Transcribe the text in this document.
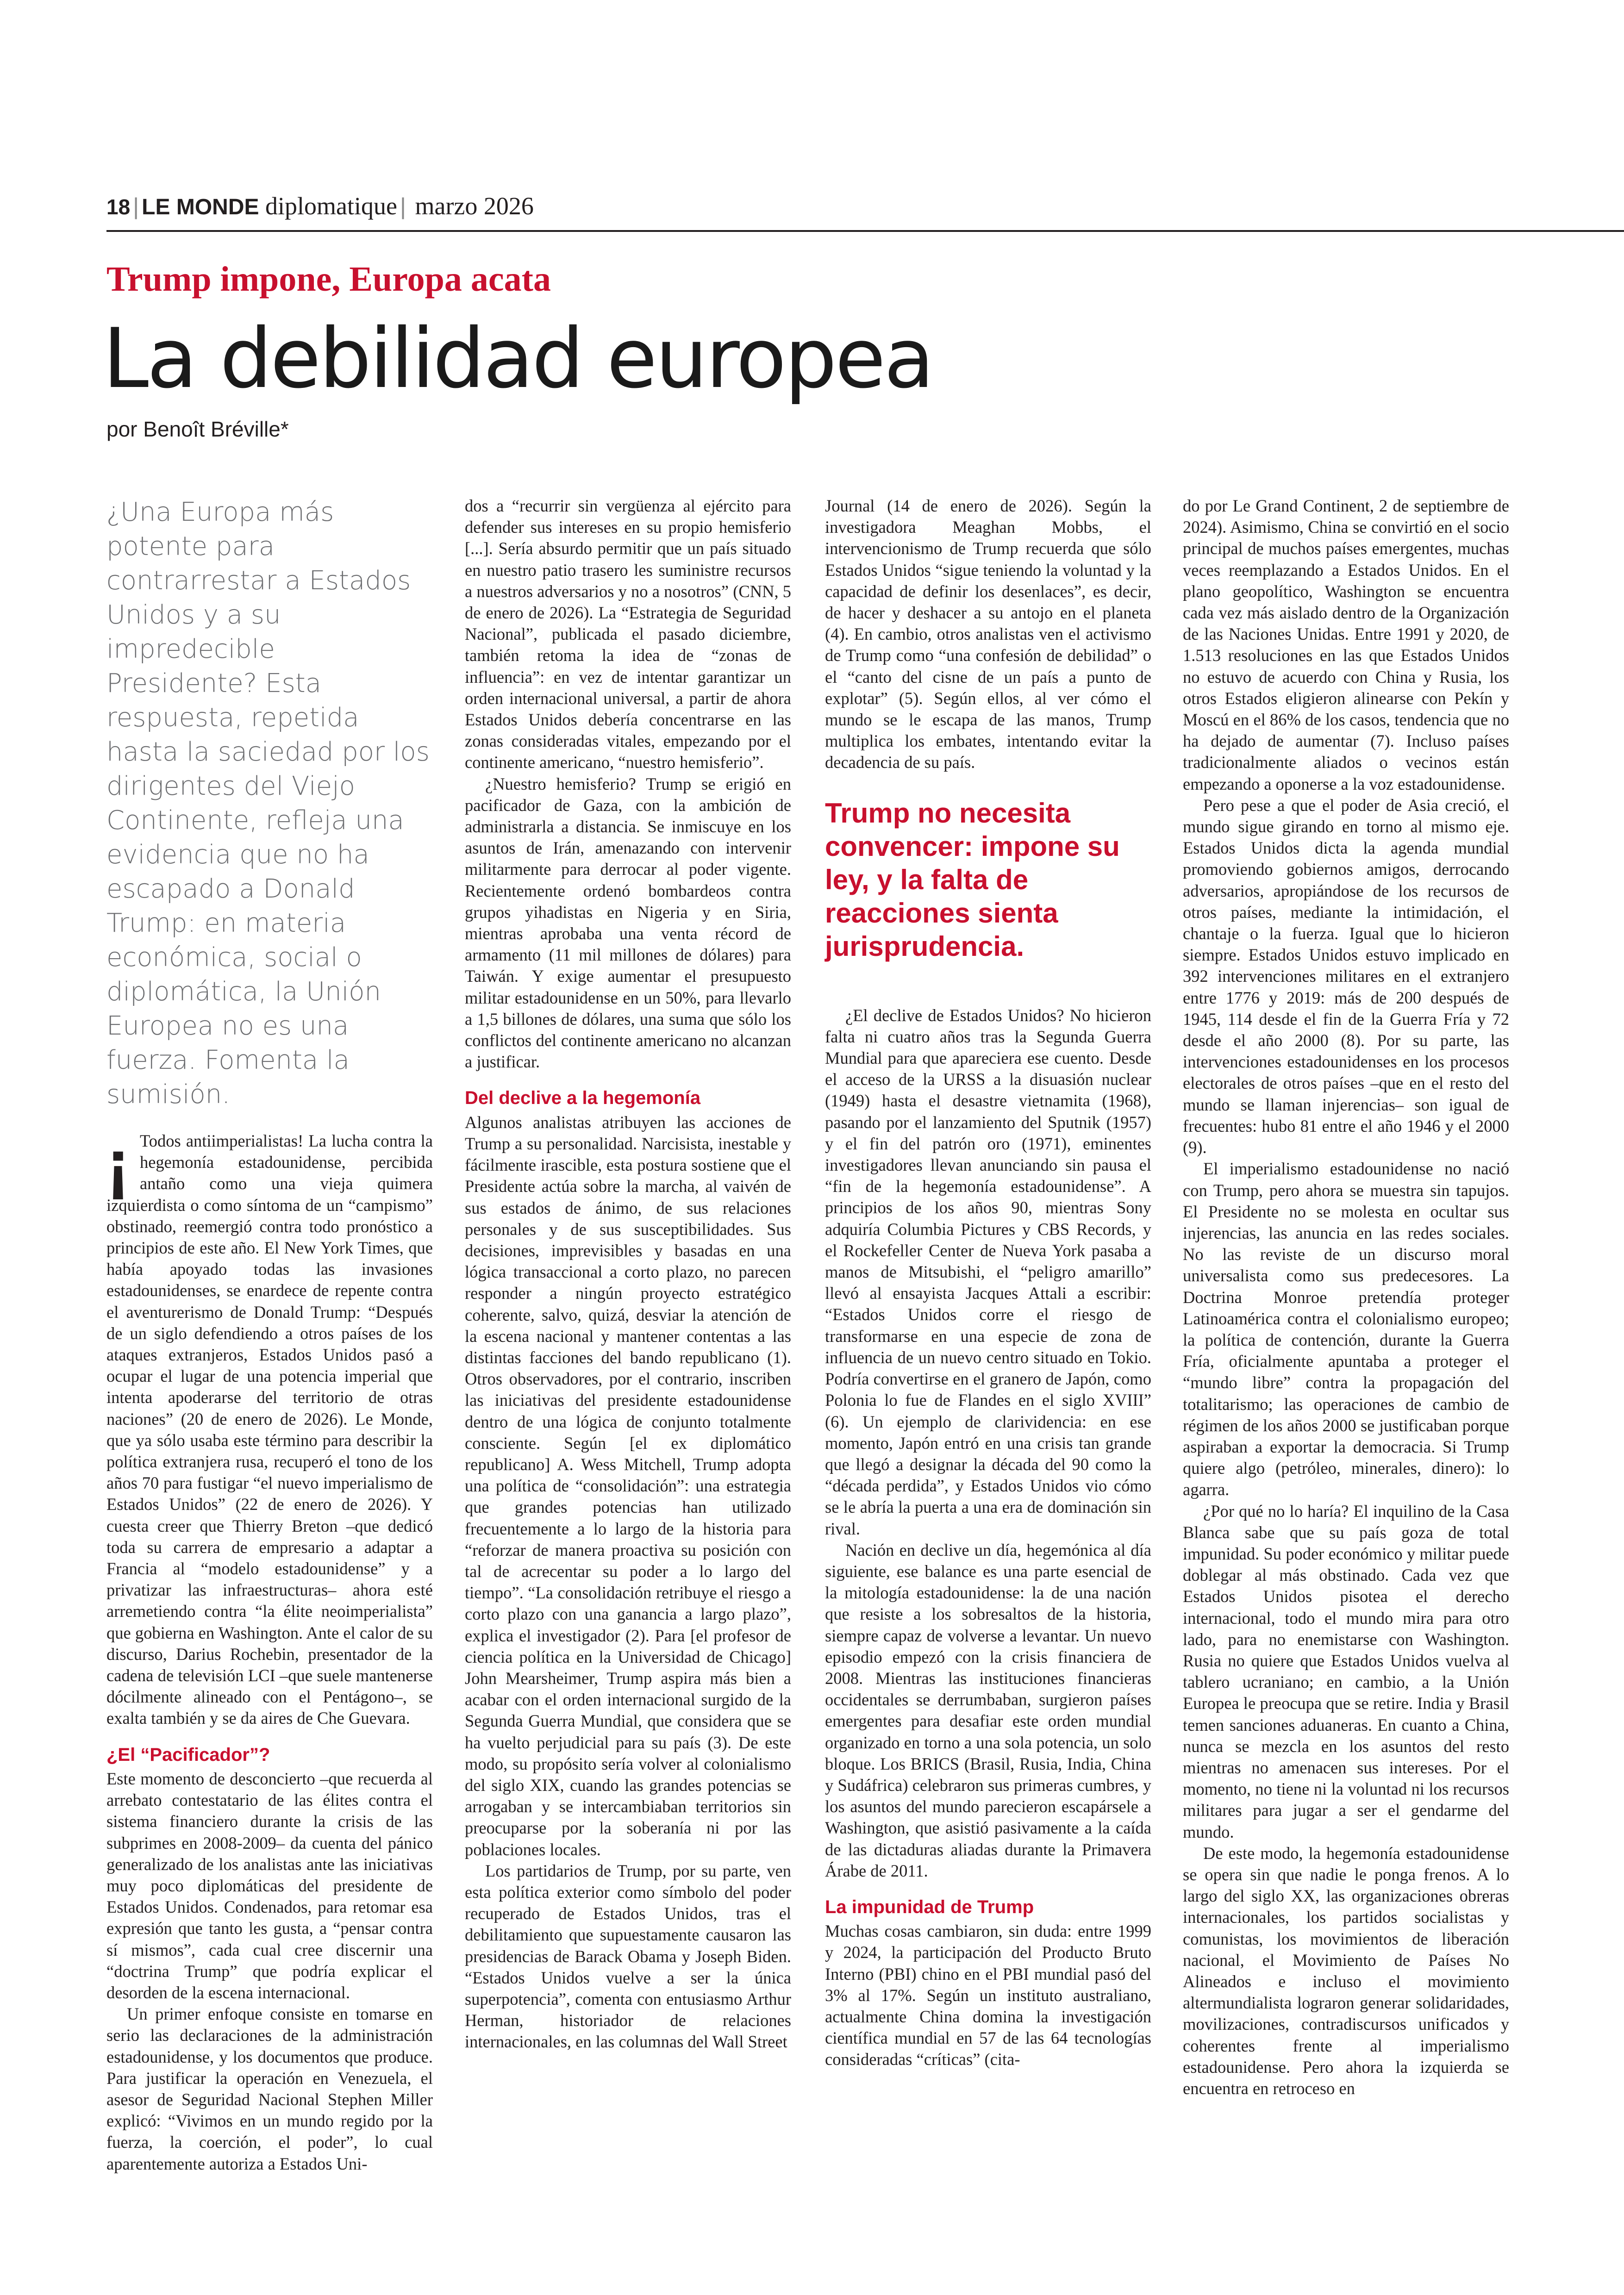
18 | LE MONDE diplomatique | marzo 2026
Trump impone, Europa acata
La debilidad europea
por Benoît Bréville*
¿Una Europa más potente para contrarrestar a Estados Unidos y a su impredecible Presidente? Esta respuesta, repetida hasta la saciedad por los dirigentes del Viejo Continente, refleja una evidencia que no ha escapado a Donald Trump: en materia económica, social o diplomática, la Unión Europea no es una fuerza. Fomenta la sumisión.

¡ Todos antiimperialistas! La lucha contra la hegemonía estadounidense, percibida antaño como una vieja quimera izquierdista o como síntoma de un “campismo” obstinado, reemergió contra todo pronóstico a principios de este año. El New York Times, que había apoyado todas las invasiones estadounidenses, se enardece de repente contra el aventurerismo de Donald Trump: “Después de un siglo defendiendo a otros países de los ataques extranjeros, Estados Unidos pasó a ocupar el lugar de una potencia imperial que intenta apoderarse del territorio de otras naciones” (20 de enero de 2026). Le Monde, que ya sólo usaba este término para describir la política extranjera rusa, recuperó el tono de los años 70 para fustigar “el nuevo imperialismo de Estados Unidos” (22 de enero de 2026). Y cuesta creer que Thierry Breton –que dedicó toda su carrera de empresario a adaptar a Francia al “modelo estadounidense” y a privatizar las infraestructuras– ahora esté arremetiendo contra “la élite neoimperialista” que gobierna en Washington. Ante el calor de su discurso, Darius Rochebin, presentador de la cadena de televisión LCI –que suele mantenerse dócilmente alineado con el Pentágono–, se exalta también y se da aires de Che Guevara.

¿El “Pacificador”?

Este momento de desconcierto –que recuerda al arrebato contestatario de las élites contra el sistema financiero durante la crisis de las subprimes en 2008-2009– da cuenta del pánico generalizado de los analistas ante las iniciativas muy poco diplomáticas del presidente de Estados Unidos. Condenados, para retomar esa expresión que tanto les gusta, a “pensar contra sí mismos”, cada cual cree discernir una “doctrina Trump” que podría explicar el desorden de la escena internacional.

Un primer enfoque consiste en tomarse en serio las declaraciones de la administración estadounidense, y los documentos que produce. Para justificar la operación en Venezuela, el asesor de Seguridad Nacional Stephen Miller explicó: “Vivimos en un mundo regido por la fuerza, la coerción, el poder”, lo cual aparentemente autoriza a Estados Uni-

dos a “recurrir sin vergüenza al ejército para defender sus intereses en su propio hemisferio [...]. Sería absurdo permitir que un país situado en nuestro patio trasero les suministre recursos a nuestros adversarios y no a nosotros” (CNN, 5 de enero de 2026). La “Estrategia de Seguridad Nacional”, publicada el pasado diciembre, también retoma la idea de “zonas de influencia”: en vez de intentar garantizar un orden internacional universal, a partir de ahora Estados Unidos debería concentrarse en las zonas consideradas vitales, empezando por el continente americano, “nuestro hemisferio”.

¿Nuestro hemisferio? Trump se erigió en pacificador de Gaza, con la ambición de administrarla a distancia. Se inmiscuye en los asuntos de Irán, amenazando con intervenir militarmente para derrocar al poder vigente. Recientemente ordenó bombardeos contra grupos yihadistas en Nigeria y en Siria, mientras aprobaba una venta récord de armamento (11 mil millones de dólares) para Taiwán. Y exige aumentar el presupuesto militar estadounidense en un 50%, para llevarlo a 1,5 billones de dólares, una suma que sólo los conflictos del continente americano no alcanzan a justificar.

Del declive a la hegemonía

Algunos analistas atribuyen las acciones de Trump a su personalidad. Narcisista, inestable y fácilmente irascible, esta postura sostiene que el Presidente actúa sobre la marcha, al vaivén de sus estados de ánimo, de sus relaciones personales y de sus susceptibilidades. Sus decisiones, imprevisibles y basadas en una lógica transaccional a corto plazo, no parecen responder a ningún proyecto estratégico coherente, salvo, quizá, desviar la atención de la escena nacional y mantener contentas a las distintas facciones del bando republicano (1). Otros observadores, por el contrario, inscriben las iniciativas del presidente estadounidense dentro de una lógica de conjunto totalmente consciente. Según [el ex diplomático republicano] A. Wess Mitchell, Trump adopta una política de “consolidación”: una estrategia que grandes potencias han utilizado frecuentemente a lo largo de la historia para “reforzar de manera proactiva su posición con tal de acrecentar su poder a lo largo del tiempo”. “La consolidación retribuye el riesgo a corto plazo con una ganancia a largo plazo”, explica el investigador (2). Para [el profesor de ciencia política en la Universidad de Chicago] John Mearsheimer, Trump aspira más bien a acabar con el orden internacional surgido de la Segunda Guerra Mundial, que considera que se ha vuelto perjudicial para su país (3). De este modo, su propósito sería volver al colonialismo del siglo XIX, cuando las grandes potencias se arrogaban y se intercambiaban territorios sin preocuparse por la soberanía ni por las poblaciones locales.

Los partidarios de Trump, por su parte, ven esta política exterior como símbolo del poder recuperado de Estados Unidos, tras el debilitamiento que supuestamente causaron las presidencias de Barack Obama y Joseph Biden. “Estados Unidos vuelve a ser la única superpotencia”, comenta con entusiasmo Arthur Herman, historiador de relaciones internacionales, en las columnas del Wall Street

Journal (14 de enero de 2026). Según la investigadora Meaghan Mobbs, el intervencionismo de Trump recuerda que sólo Estados Unidos “sigue teniendo la voluntad y la capacidad de definir los desenlaces”, es decir, de hacer y deshacer a su antojo en el planeta (4). En cambio, otros analistas ven el activismo de Trump como “una confesión de debilidad” o el “canto del cisne de un país a punto de explotar” (5). Según ellos, al ver cómo el mundo se le escapa de las manos, Trump multiplica los embates, intentando evitar la decadencia de su país.

Trump no necesita convencer: impone su ley, y la falta de reacciones sienta jurisprudencia.

¿El declive de Estados Unidos? No hicieron falta ni cuatro años tras la Segunda Guerra Mundial para que apareciera ese cuento. Desde el acceso de la URSS a la disuasión nuclear (1949) hasta el desastre vietnamita (1968), pasando por el lanzamiento del Sputnik (1957) y el fin del patrón oro (1971), eminentes investigadores llevan anunciando sin pausa el “fin de la hegemonía estadounidense”. A principios de los años 90, mientras Sony adquiría Columbia Pictures y CBS Records, y el Rockefeller Center de Nueva York pasaba a manos de Mitsubishi, el “peligro amarillo” llevó al ensayista Jacques Attali a escribir: “Estados Unidos corre el riesgo de transformarse en una especie de zona de influencia de un nuevo centro situado en Tokio. Podría convertirse en el granero de Japón, como Polonia lo fue de Flandes en el siglo XVIII” (6). Un ejemplo de clarividencia: en ese momento, Japón entró en una crisis tan grande que llegó a designar la década del 90 como la “década perdida”, y Estados Unidos vio cómo se le abría la puerta a una era de dominación sin rival.

Nación en declive un día, hegemónica al día siguiente, ese balance es una parte esencial de la mitología estadounidense: la de una nación que resiste a los sobresaltos de la historia, siempre capaz de volverse a levantar. Un nuevo episodio empezó con la crisis financiera de 2008. Mientras las instituciones financieras occidentales se derrumbaban, surgieron países emergentes para desafiar este orden mundial organizado en torno a una sola potencia, un solo bloque. Los BRICS (Brasil, Rusia, India, China y Sudáfrica) celebraron sus primeras cumbres, y los asuntos del mundo parecieron escapársele a Washington, que asistió pasivamente a la caída de las dictaduras aliadas durante la Primavera Árabe de 2011.

La impunidad de Trump

Muchas cosas cambiaron, sin duda: entre 1999 y 2024, la participación del Producto Bruto Interno (PBI) chino en el PBI mundial pasó del 3% al 17%. Según un instituto australiano, actualmente China domina la investigación científica mundial en 57 de las 64 tecnologías consideradas “críticas” (cita-

do por Le Grand Continent, 2 de septiembre de 2024). Asimismo, China se convirtió en el socio principal de muchos países emergentes, muchas veces reemplazando a Estados Unidos. En el plano geopolítico, Washington se encuentra cada vez más aislado dentro de la Organización de las Naciones Unidas. Entre 1991 y 2020, de 1.513 resoluciones en las que Estados Unidos no estuvo de acuerdo con China y Rusia, los otros Estados eligieron alinearse con Pekín y Moscú en el 86% de los casos, tendencia que no ha dejado de aumentar (7). Incluso países tradicionalmente aliados o vecinos están empezando a oponerse a la voz estadounidense.

Pero pese a que el poder de Asia creció, el mundo sigue girando en torno al mismo eje. Estados Unidos dicta la agenda mundial promoviendo gobiernos amigos, derrocando adversarios, apropiándose de los recursos de otros países, mediante la intimidación, el chantaje o la fuerza. Igual que lo hicieron siempre. Estados Unidos estuvo implicado en 392 intervenciones militares en el extranjero entre 1776 y 2019: más de 200 después de 1945, 114 desde el fin de la Guerra Fría y 72 desde el año 2000 (8). Por su parte, las intervenciones estadounidenses en los procesos electorales de otros países –que en el resto del mundo se llaman injerencias– son igual de frecuentes: hubo 81 entre el año 1946 y el 2000 (9).

El imperialismo estadounidense no nació con Trump, pero ahora se muestra sin tapujos. El Presidente no se molesta en ocultar sus injerencias, las anuncia en las redes sociales. No las reviste de un discurso moral universalista como sus predecesores. La Doctrina Monroe pretendía proteger Latinoamérica contra el colonialismo europeo; la política de contención, durante la Guerra Fría, oficialmente apuntaba a proteger el “mundo libre” contra la propagación del totalitarismo; las operaciones de cambio de régimen de los años 2000 se justificaban porque aspiraban a exportar la democracia. Si Trump quiere algo (petróleo, minerales, dinero): lo agarra.

¿Por qué no lo haría? El inquilino de la Casa Blanca sabe que su país goza de total impunidad. Su poder económico y militar puede doblegar al más obstinado. Cada vez que Estados Unidos pisotea el derecho internacional, todo el mundo mira para otro lado, para no enemistarse con Washington. Rusia no quiere que Estados Unidos vuelva al tablero ucraniano; en cambio, a la Unión Europea le preocupa que se retire. India y Brasil temen sanciones aduaneras. En cuanto a China, nunca se mezcla en los asuntos del resto mientras no amenacen sus intereses. Por el momento, no tiene ni la voluntad ni los recursos militares para jugar a ser el gendarme del mundo.

De este modo, la hegemonía estadounidense se opera sin que nadie le ponga frenos. A lo largo del siglo XX, las organizaciones obreras internacionales, los partidos socialistas y comunistas, los movimientos de liberación nacional, el Movimiento de Países No Alineados e incluso el movimiento altermundialista lograron generar solidaridades, movilizaciones, contradiscursos unificados y coherentes frente al imperialismo estadounidense. Pero ahora la izquierda se encuentra en retroceso en
